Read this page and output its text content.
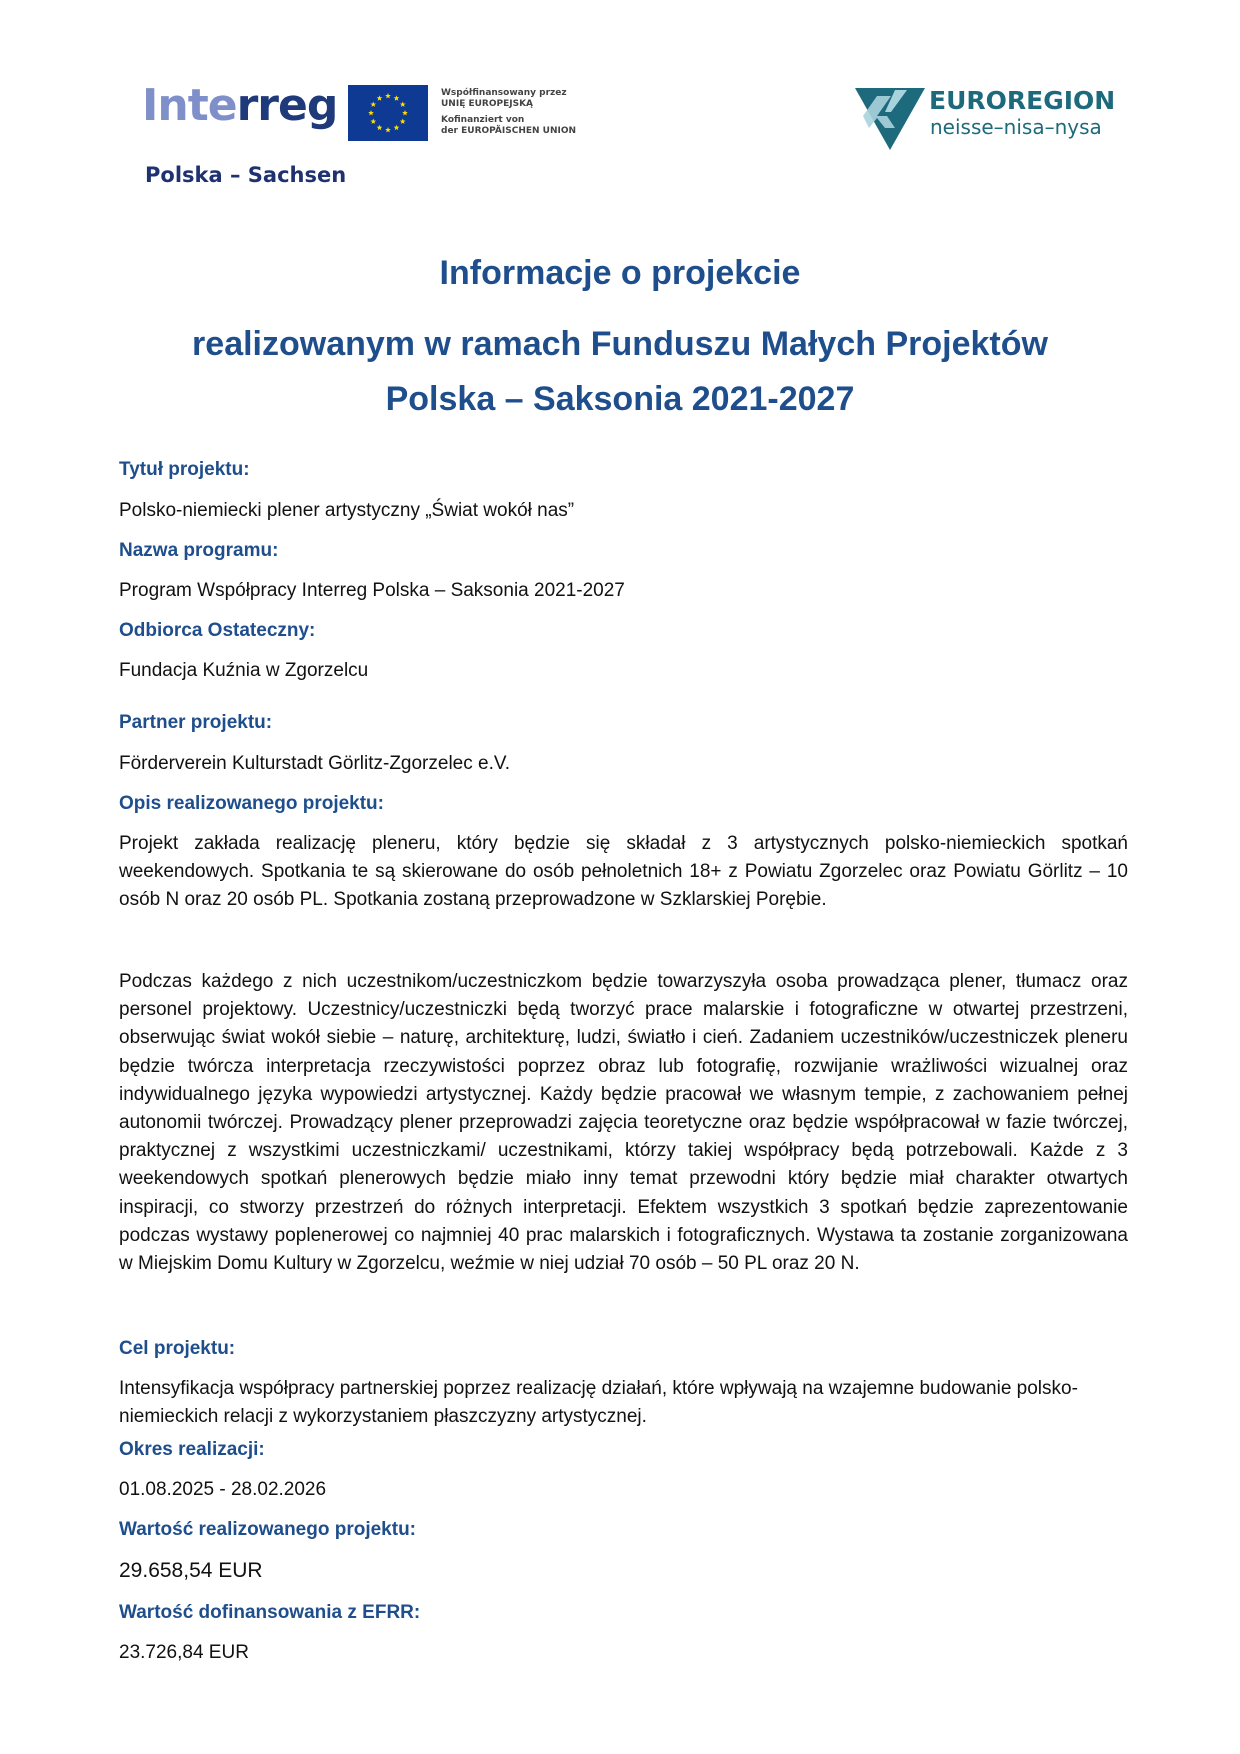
Interreg
Polska – Sachsen
Współfinansowany przez
UNIĘ EUROPEJSKĄ
Kofinanziert von
der EUROPÄISCHEN UNION
EUROREGION
neisse–nisa–nysa
Informacje o projekcie
realizowanym w ramach Funduszu Małych Projektów
Polska – Saksonia 2021-2027
Tytuł projektu:
Polsko-niemiecki plener artystyczny „Świat wokół nas”
Nazwa programu:
Program Współpracy Interreg Polska – Saksonia 2021-2027
Odbiorca Ostateczny:
Fundacja Kuźnia w Zgorzelcu
Partner projektu:
Förderverein Kulturstadt Görlitz-Zgorzelec e.V.
Opis realizowanego projektu:

Projekt zakłada realizację pleneru, który będzie się składał z 3 artystycznych polsko-niemieckich spotkań weekendowych. Spotkania te są skierowane do osób pełnoletnich 18+ z Powiatu Zgorzelec oraz Powiatu Görlitz – 10 osób N oraz 20 osób PL. Spotkania zostaną przeprowadzone w Szklarskiej Porębie.

Podczas każdego z nich uczestnikom/uczestniczkom będzie towarzyszyła osoba prowadząca plener, tłumacz oraz personel projektowy. Uczestnicy/uczestniczki będą tworzyć prace malarskie i fotograficzne w otwartej przestrzeni, obserwując świat wokół siebie – naturę, architekturę, ludzi, światło i cień. Zadaniem uczestników/uczestniczek pleneru będzie twórcza interpretacja rzeczywistości poprzez obraz lub fotografię, rozwijanie wrażliwości wizualnej oraz indywidualnego języka wypowiedzi artystycznej. Każdy będzie pracował we własnym tempie, z zachowaniem pełnej autonomii twórczej. Prowadzący plener przeprowadzi zajęcia teoretyczne oraz będzie współpracował w fazie twórczej, praktycznej z wszystkimi uczestniczkami/ uczestnikami, którzy takiej współpracy będą potrzebowali. Każde z 3 weekendowych spotkań plenerowych będzie miało inny temat przewodni który będzie miał charakter otwartych inspiracji, co stworzy przestrzeń do różnych interpretacji. Efektem wszystkich 3 spotkań będzie zaprezentowanie podczas wystawy poplenerowej co najmniej 40 prac malarskich i fotograficznych. Wystawa ta zostanie zorganizowana w Miejskim Domu Kultury w Zgorzelcu, weźmie w niej udział 70 osób – 50 PL oraz 20 N.

Cel projektu:

Intensyfikacja współpracy partnerskiej poprzez realizację działań, które wpływają na wzajemne budowanie polsko-niemieckich relacji z wykorzystaniem płaszczyzny artystycznej.

Okres realizacji:
01.08.2025 - 28.02.2026
Wartość realizowanego projektu:
29.658,54 EUR
Wartość dofinansowania z EFRR:
23.726,84 EUR
